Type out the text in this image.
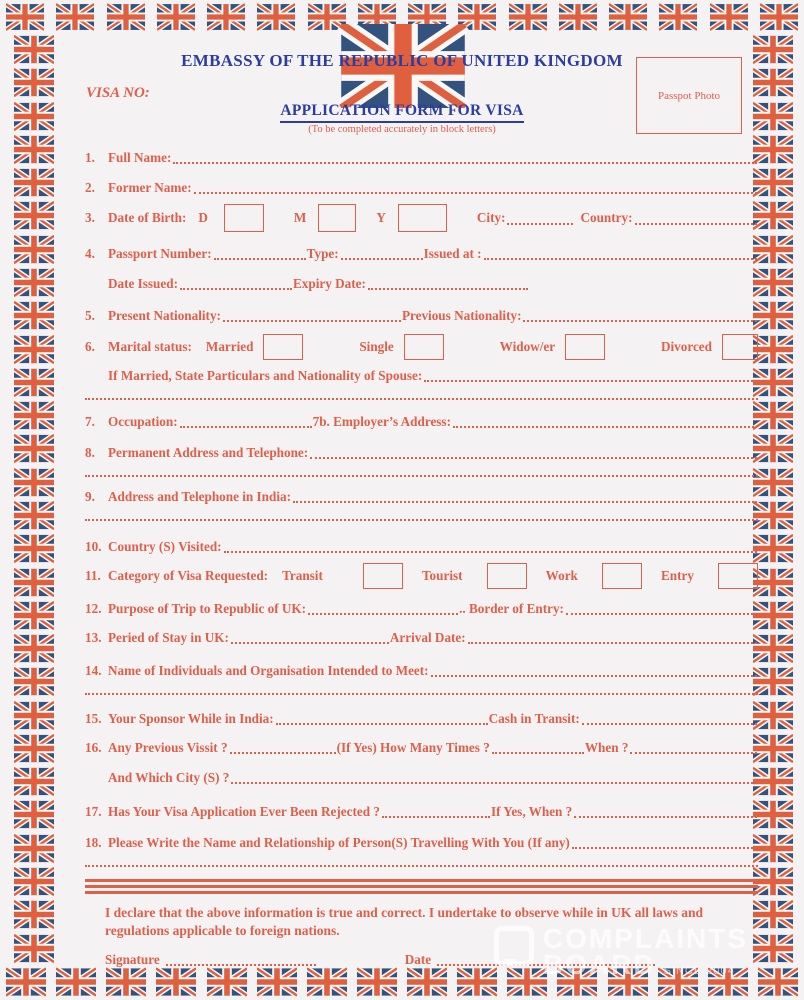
EMBASSY OF THE REPUBLIC OF UNITED KINGDOM
VISA NO:
APPLICATION FORM FOR VISA
(To be completed accurately in block letters)
Passpot Photo
1. Full Name:
2. Former Name:
3. Date of Birth: D	M	Y	City:	Country:
4. Passport Number:	Type:	Issued at :
Date Issued:	Expiry Date:
5. Present Nationality:	Previous Nationality:
6. Marital status: Married	Single	Widow/er	Divorced
If Married, State Particulars and Nationality of Spouse:
7. Occupation:	7b. Employer’s Address:
8. Permanent Address and Telephone:
9. Address and Telephone in India:
10. Country (S) Visited:
11. Category of Visa Requested: Transit	Tourist	Work	Entry
12. Purpose of Trip to Republic of UK:	.. Border of Entry:
13. Peried of Stay in UK:	Arrival Date:
14. Name of Individuals and Organisation Intended to Meet:
15. Your Sponsor While in India:	Cash in Transit:
16. Any Previous Vissit ?	(If Yes) How Many Times ?	When ?
And Which City (S) ?
17. Has Your Visa Application Ever Been Rejected ?	If Yes, When ?
18. Please Write the Name and Relationship of Person(S) Travelling With You (If any)
I declare that the above information is true and correct. I undertake to observe while in UK all laws and regulations applicable to foreign nations.
Signature	Date
COMPLAINTS
BOARD SINCE 2004
